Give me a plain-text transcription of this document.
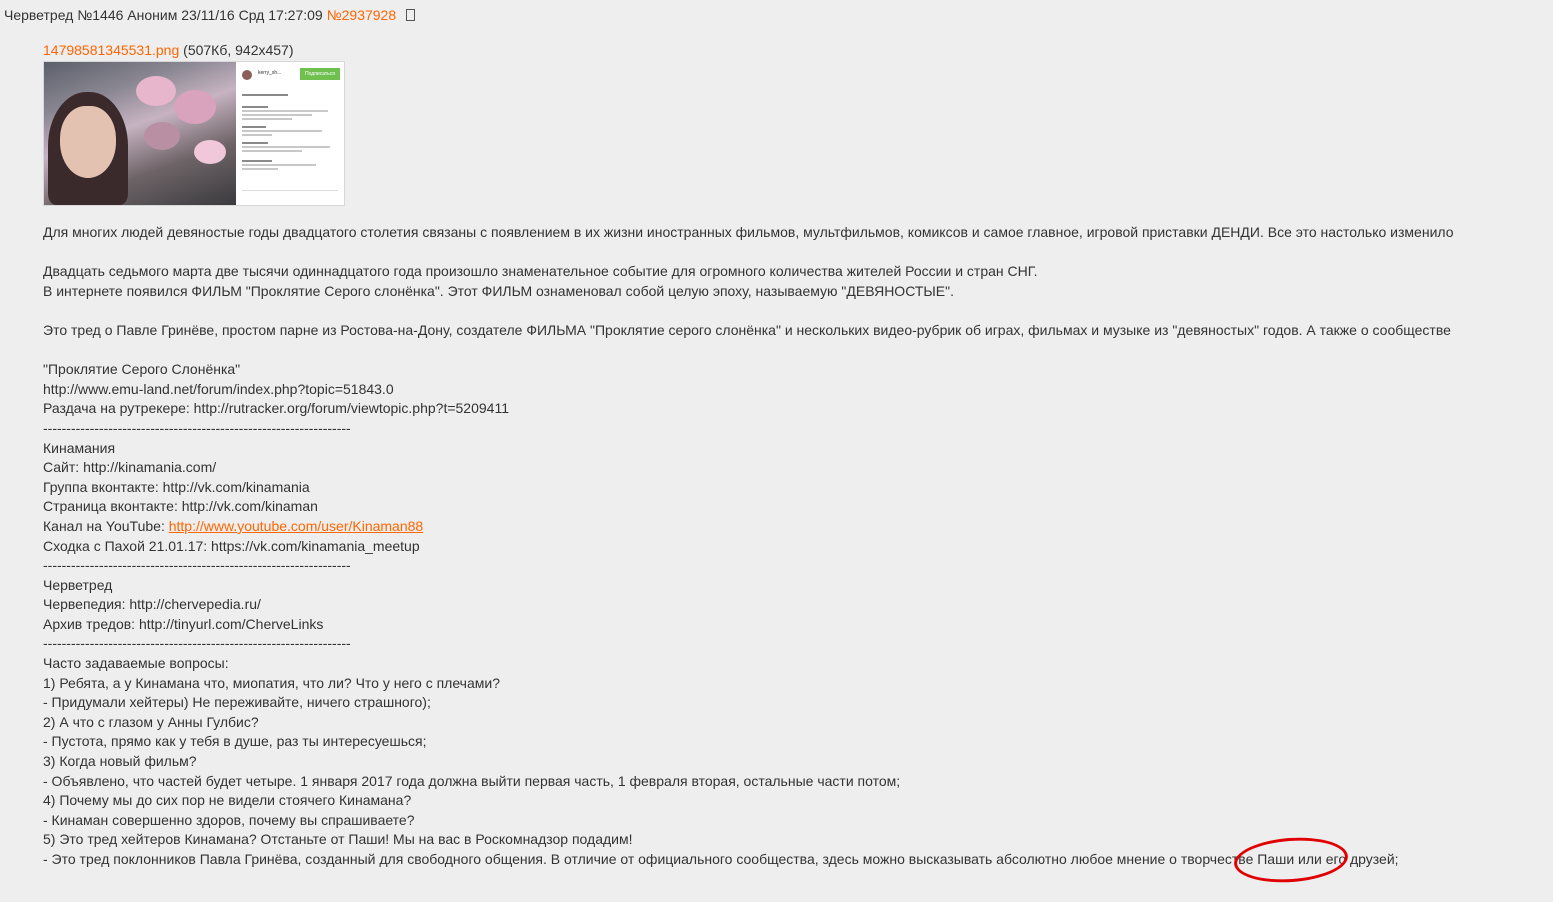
Черветред №1446 Аноним 23/11/16 Срд 17:27:09 №2937928
14798581345531.png (507Кб, 942x457)
kerry_sh...	Подписаться
Для многих людей девяностые годы двадцатого столетия связаны с появлением в их жизни иностранных фильмов, мультфильмов, комиксов и самое главное, игровой приставки ДЕНДИ. Все это настолько изменило
Двадцать седьмого марта две тысячи одиннадцатого года произошло знаменательное событие для огромного количества жителей России и стран СНГ.
В интернете появился ФИЛЬМ "Проклятие Серого слонёнка". Этот ФИЛЬМ ознаменовал собой целую эпоху, называемую "ДЕВЯНОСТЫЕ".
Это тред о Павле Гринёве, простом парне из Ростова-на-Дону, создателе ФИЛЬМА "Проклятие серого слонёнка" и нескольких видео-рубрик об играх, фильмах и музыке из "девяностых" годов. А также о сообществе
"Проклятие Серого Слонёнка"
http://www.emu-land.net/forum/index.php?topic=51843.0
Раздача на рутрекере: http://rutracker.org/forum/viewtopic.php?t=5209411
------------------------------------------------------------------
Кинамания
Сайт: http://kinamania.com/
Группа вконтакте: http://vk.com/kinamania
Страница вконтакте: http://vk.com/kinaman
Канал на YouTube: http://www.youtube.com/user/Kinaman88
Сходка с Пахой 21.01.17: https://vk.com/kinamania_meetup
------------------------------------------------------------------
Черветред
Червепедия: http://chervepedia.ru/
Архив тредов: http://tinyurl.com/CherveLinks
------------------------------------------------------------------
Часто задаваемые вопросы:
1) Ребята, а у Кинамана что, миопатия, что ли? Что у него с плечами?
- Придумали хейтеры) Не переживайте, ничего страшного);
2) А что с глазом у Анны Гулбис?
- Пустота, прямо как у тебя в душе, раз ты интересуешься;
3) Когда новый фильм?
- Объявлено, что частей будет четыре. 1 января 2017 года должна выйти первая часть, 1 февраля вторая, остальные части потом;
4) Почему мы до сих пор не видели стоячего Кинамана?
- Кинаман совершенно здоров, почему вы спрашиваете?
5) Это тред хейтеров Кинамана? Отстаньте от Паши! Мы на вас в Роскомнадзор подадим!
- Это тред поклонников Павла Гринёва, созданный для свободного общения. В отличие от официального сообщества, здесь можно высказывать абсолютно любое мнение о творчестве Паши или его друзей;
